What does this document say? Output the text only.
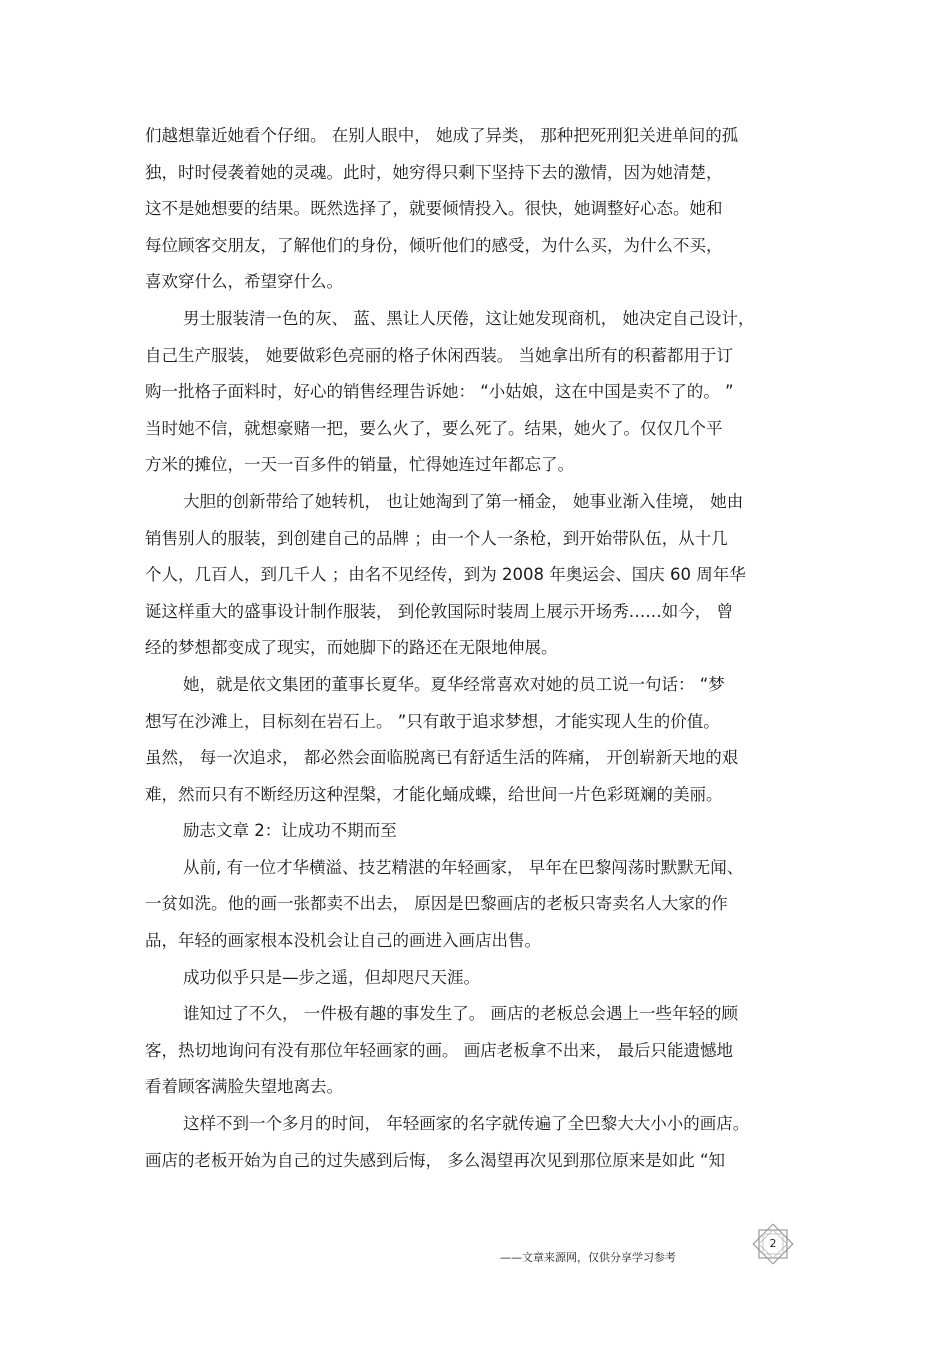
们越想靠近她看个仔细。 在别人眼中， 她成了异类， 那种把死刑犯关进单间的孤
独，时时侵袭着她的灵魂。此时，她穷得只剩下坚持下去的激情，因为她清楚，
这不是她想要的结果。既然选择了，就要倾情投入。很快，她调整好心态。她和
每位顾客交朋友，了解他们的身份，倾听他们的感受，为什么买，为什么不买，
喜欢穿什么，希望穿什么。
男士服装清一色的灰、 蓝、黑让人厌倦，这让她发现商机， 她决定自己设计，
自己生产服装， 她要做彩色亮丽的格子休闲西装。 当她拿出所有的积蓄都用于订
购一批格子面料时，好心的销售经理告诉她： “小姑娘，这在中国是卖不了的。 ”
当时她不信，就想豪赌一把，要么火了，要么死了。结果，她火了。仅仅几个平
方米的摊位，一天一百多件的销量，忙得她连过年都忘了。
大胆的创新带给了她转机， 也让她淘到了第一桶金， 她事业渐入佳境， 她由
销售别人的服装，到创建自己的品牌 ；由一个人一条枪，到开始带队伍，从十几
个人，几百人，到几千人 ；由名不见经传，到为 2008 年奥运会、国庆 60 周年华
诞这样重大的盛事设计制作服装， 到伦敦国际时装周上展示开场秀……如今， 曾
经的梦想都变成了现实，而她脚下的路还在无限地伸展。
她，就是依文集团的董事长夏华。夏华经常喜欢对她的员工说一句话： “梦
想写在沙滩上，目标刻在岩石上。 ”只有敢于追求梦想，才能实现人生的价值。
虽然， 每一次追求， 都必然会面临脱离已有舒适生活的阵痛， 开创崭新天地的艰
难，然而只有不断经历这种涅槃，才能化蛹成蝶，给世间一片色彩斑斓的美丽。
励志文章 2：让成功不期而至
从前, 有一位才华横溢、技艺精湛的年轻画家， 早年在巴黎闯荡时默默无闻、
一贫如洗。他的画一张都卖不出去， 原因是巴黎画店的老板只寄卖名人大家的作
品，年轻的画家根本没机会让自己的画进入画店出售。
成功似乎只是—步之遥，但却咫尺天涯。
谁知过了不久， 一件极有趣的事发生了。 画店的老板总会遇上一些年轻的顾
客，热切地询问有没有那位年轻画家的画。 画店老板拿不出来， 最后只能遗憾地
看着顾客满脸失望地离去。
这样不到一个多月的时间， 年轻画家的名字就传遍了全巴黎大大小小的画店。
画店的老板开始为自己的过失感到后悔， 多么渴望再次见到那位原来是如此 “知
——文章来源网，仅供分享学习参考
2
